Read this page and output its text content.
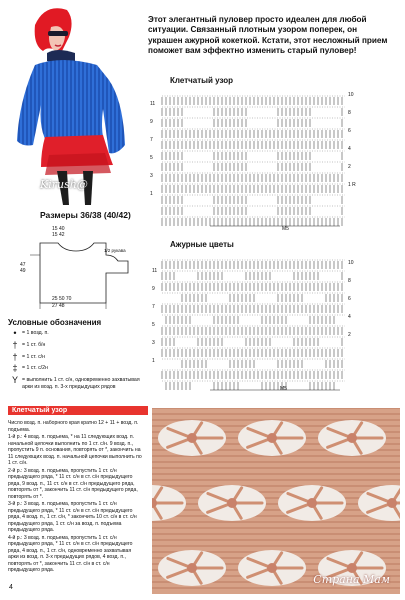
Kirush@
Этот элегантный пуловер просто идеален для любой ситуации. Связанный плотным узором поперек, он украшен ажурной кокеткой. Кстати, этот несложный прием поможет вам эффектно изменить старый пуловер!
Клетчатый узор
11
9
7
5
3
1
10
8
6
4
2
1 R
M5
Ажурные цветы
11
9
7
5
3
1
10
8
6
4
2
M5
Размеры 36/38 (40/42)
15 40
15 42
1/2 рукава
47
49
25 50 70
27 48
Условные обозначения
•	= 1 возд. п.
† = 1 ст. б/н
† = 1 ст. с/н
‡ = 1 ст. с/2н
Y = выполнить 1 ст. с/н, одновременно захватывая арки из возд. п. 3-х предыдущих рядов
Клетчатый узор

Число возд. п. наборного края кратно 12 + 11 + возд. п. подъема.

1-й р.: 4 возд. п. подъема, * на 11 следующих возд. п. начальной цепочки выполнить по 1 ст. с/н. 9 возд. п., пропустить 9 п. основания, повторять от *, закончить на 11 следующих возд. п. начальной цепочки выполнить по 1 ст. с/н.

2-й р.: 3 возд. п. подъема, пропустить 1 ст. с/н предыдущего ряда, * 11 ст. с/н в ст. с/н предыдущего ряда, 9 возд. п., 11 ст. с/н в ст. с/н предыдущего ряда, повторять от *, закончить 11 ст. с/н предыдущего ряда, повторять от *.

3-й р.: 3 возд. п. подъема, пропустить 1 ст. с/н предыдущего ряда, * 11 ст. с/н в ст. с/н предыдущего ряда, 4 возд. п., 1 ст. с/н, * закончить 10 ст. с/н в ст. с/н предыдущего ряда, 1 ст. с/н за возд. п. подъема предыдущего ряда.

4-й р.: 3 возд. п. подъема, пропустить 1 ст. с/н предыдущего ряда, * 11 ст. с/н в ст. с/н предыдущего ряда, 4 возд. п., 1 ст. с/н, одновременно захватывая арки из возд. п. 3-х предыдущих рядов, 4 возд. п., повторять от *, закончить 11 ст. с/н в ст. с/н предыдущего ряда.

4
Страна Мам
